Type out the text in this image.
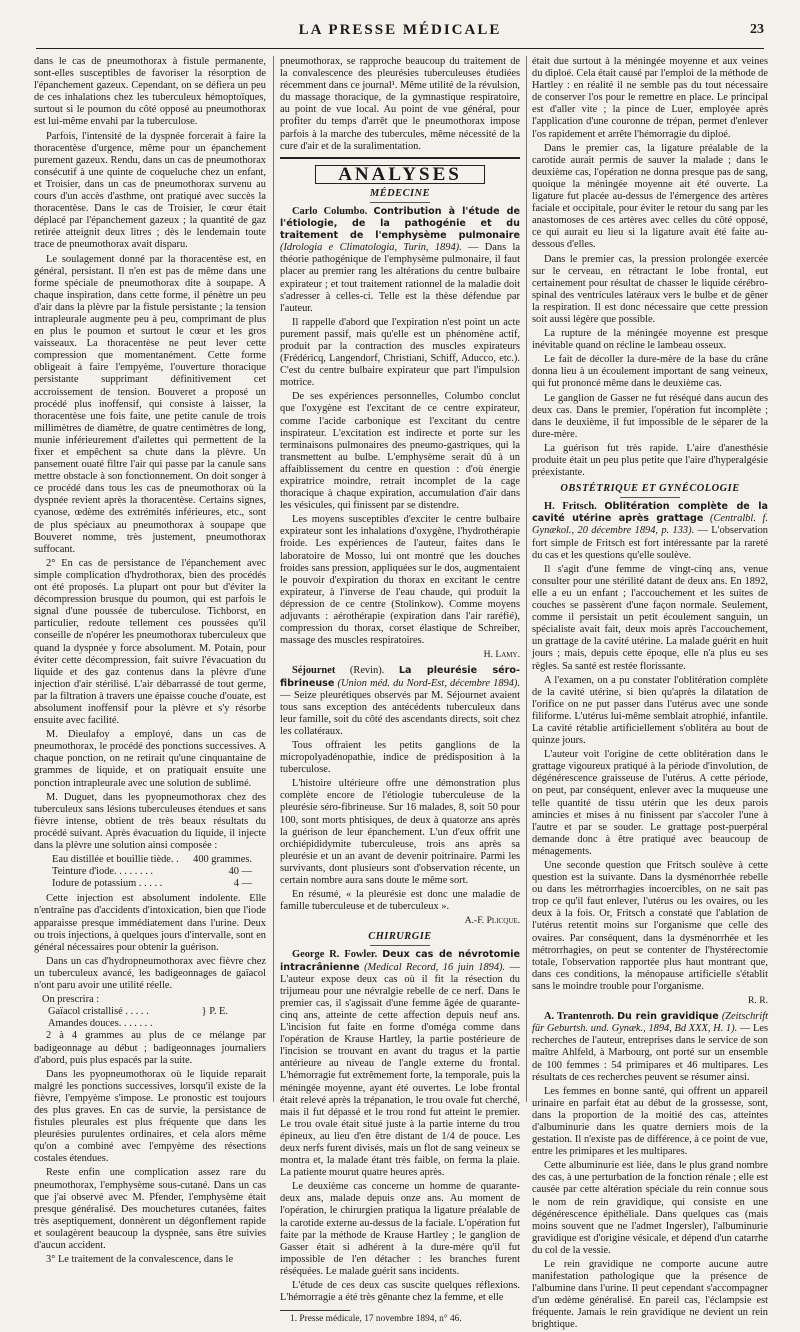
LA PRESSE MÉDICALE	23

dans le cas de pneumothorax à fistule permanente, sont-elles susceptibles de favoriser la résorption de l'épanchement gazeux. Cependant, on se défiera un peu de ces inhalations chez les tuberculeux hémoptoïques, surtout si le poumon du côté opposé au pneumothorax est lui-même envahi par la tuberculose.

Parfois, l'intensité de la dyspnée forcerait à faire la thoracentèse d'urgence, même pour un épanchement purement gazeux. Rendu, dans un cas de pneumothorax consécutif à une quinte de coqueluche chez un enfant, et Troisier, dans un cas de pneumothorax survenu au cours d'un accès d'asthme, ont pratiqué avec succès la thoracentèse. Dans le cas de Troisier, le cœur était déplacé par l'épanchement gazeux ; la quantité de gaz retirée atteignit deux litres ; dès le lendemain toute trace de pneumothorax avait disparu.

Le soulagement donné par la thoracentèse est, en général, persistant. Il n'en est pas de même dans une forme spéciale de pneumothorax dite à soupape. A chaque inspiration, dans cette forme, il pénètre un peu d'air dans la plèvre par la fistule persistante ; la tension intrapleurale augmente peu à peu, comprimant de plus en plus le poumon et surtout le cœur et les gros vaisseaux. La thoracentèse ne peut lever cette compression que momentanément. Cette forme obligeait à faire l'empyème, l'ouverture thoracique persistante supprimant définitivement cet accroissement de tension. Bouveret a proposé un procédé plus inoffensif, qui consiste à laisser, la thoracentèse une fois faite, une petite canule de trois millimètres de diamètre, de quatre centimètres de long, munie inférieurement d'ailettes qui permettent de la fixer et empêchent sa chute dans la plèvre. Un pansement ouaté filtre l'air qui passe par la canule sans mettre obstacle à son fonctionnement. On doit songer à ce procédé dans tous les cas de pneumothorax où la dyspnée revient après la thoracentèse. Certains signes, cyanose, œdème des extrémités inférieures, etc., sont de plus spéciaux au pneumothorax à soupape que Bouveret nomme, très justement, pneumothorax suffocant.

2° En cas de persistance de l'épanchement avec simple complication d'hydrothorax, bien des procédés ont été proposés. La plupart ont pour but d'éviter la décompression brusque du poumon, qui est parfois le signal d'une poussée de tuberculose. Tichborst, en particulier, redoute tellement ces poussées qu'il conseille de n'opérer les pneumothorax tuberculeux que quand la dyspnée y force absolument. M. Potain, pour éviter cette décompression, fait suivre l'évacuation du liquide et des gaz contenus dans la plèvre d'une injection d'air stérilisé. L'air débarrassé de tout germe, par la filtration à travers une épaisse couche d'ouate, est absolument inoffensif pour la plèvre et s'y résorbe ensuite avec facilité.

M. Dieulafoy a employé, dans un cas de pneumothorax, le procédé des ponctions successives. A chaque ponction, on ne retirait qu'une cinquantaine de grammes de liquide, et on pratiquait ensuite une ponction intrapleurale avec une solution de sublimé.

M. Duguet, dans les pyopneumothorax chez des tuberculeux sans lésions tuberculeuses étendues et sans fièvre intense, obtient de très beaux résultats du procédé suivant. Après évacuation du liquide, il injecte dans la plèvre une solution ainsi composée :

Eau distillée et bouillie tiède. . 400 grammes.
Teinture d'iode. . . . . . . .	40 —
Iodure de potassium . . . . .	4 —

Cette injection est absolument indolente. Elle n'entraîne pas d'accidents d'intoxication, bien que l'iode apparaisse presque immédiatement dans l'urine. Deux ou trois injections, à quelques jours d'intervalle, sont en général nécessaires pour obtenir la guérison.

Dans un cas d'hydropneumothorax avec fièvre chez un tuberculeux avancé, les badigeonnages de gaïacol n'ont paru avoir une utilité réelle.

On prescrira :

Gaïacol cristallisé . . . . .	} P. E.
Amandes douces. . . . . . .

2 à 4 grammes au plus de ce mélange par badigeonnage au début ; badigeonnages journaliers d'abord, puis plus espacés par la suite.

Dans les pyopneumothorax où le liquide reparait malgré les ponctions successives, lorsqu'il existe de la fièvre, l'empyème s'impose. Le pronostic est toujours des plus graves. En cas de survie, la persistance de fistules pleurales est plus fréquente que dans les pleurésies purulentes ordinaires, et cela alors même qu'on a combiné avec l'empyème des résections costales étendues.

Reste enfin une complication assez rare du pneumothorax, l'emphysème sous-cutané. Dans un cas que j'ai observé avec M. Pfender, l'emphysème était presque généralisé. Des mouchetures cutanées, faites très aseptiquement, donnèrent un dégonflement rapide et soulagèrent beaucoup la dyspnée, sans être suivies d'aucun accident.

3° Le traitement de la convalescence, dans le

pneumothorax, se rapproche beaucoup du traitement de la convalescence des pleurésies tuberculeuses étudiées récemment dans ce journal¹. Même utilité de la révulsion, du massage thoracique, de la gymnastique respiratoire, au point de vue local. Au point de vue général, pour profiter du temps d'arrêt que le pneumothorax impose parfois à la marche des tubercules, même nécessité de la cure d'air et de la suralimentation.

ANALYSES
MÉDECINE

Carlo Columbo. Contribution à l'étude de l'étiologie, de la pathogénie et du traitement de l'emphysème pulmonaire (Idrologia e Climatologia, Turin, 1894). — Dans la théorie pathogénique de l'emphysème pulmonaire, il faut placer au premier rang les altérations du centre bulbaire expirateur ; et tout traitement rationnel de la maladie doit s'adresser à celles-ci. Telle est la thèse défendue par l'auteur.

Il rappelle d'abord que l'expiration n'est point un acte purement passif, mais qu'elle est un phénomène actif, produit par la contraction des muscles expirateurs (Frédéricq, Langendorf, Christiani, Schiff, Aducco, etc.). C'est du centre bulbaire expirateur que part l'impulsion motrice.

De ses expériences personnelles, Columbo conclut que l'oxygène est l'excitant de ce centre expirateur, comme l'acide carbonique est l'excitant du centre inspirateur. L'excitation est indirecte et porte sur les terminaisons pulmonaires des pneumo-gastriques, qui la transmettent au bulbe. L'emphysème serait dû à un affaiblissement du centre en question : d'où énergie expiratrice moindre, retrait incomplet de la cage thoracique à chaque expiration, accumulation d'air dans les vésicules, qui finissent par se distendre.

Les moyens susceptibles d'exciter le centre bulbaire expirateur sont les inhalations d'oxygène, l'hydrothérapie froide. Les expériences de l'auteur, faites dans le laboratoire de Mosso, lui ont montré que les douches froides sans pression, appliquées sur le dos, augmentaient le pouvoir d'expiration du thorax en excitant le centre expirateur, à l'inverse de l'eau chaude, qui produit la dépression de ce centre (Stolinkow). Comme moyens adjuvants : aérothérapie (expiration dans l'air raréfié), compression du thorax, corset élastique de Schreiber, massage des muscles respiratoires.

H. Lamy.

Séjournet (Revin). La pleurésie séro-fibrineuse (Union méd. du Nord-Est, décembre 1894). — Seize pleurétiques observés par M. Séjournet avaient tous sans exception des antécédents tuberculeux dans leur famille, soit du côté des ascendants directs, soit chez les collatéraux.

Tous offraient les petits ganglions de la micropolyadénopathie, indice de prédisposition à la tuberculose.

L'histoire ultérieure offre une démonstration plus complète encore de l'étiologie tuberculeuse de la pleurésie séro-fibrineuse. Sur 16 malades, 8, soit 50 pour 100, sont morts phtisiques, de deux à quatorze ans après la guérison de leur épanchement. L'un d'eux offrit une orchiépididymite tuberculeuse, trois ans après sa pleurésie et un an avant de devenir poitrinaire. Parmi les survivants, dont plusieurs sont d'observation récente, un certain nombre aura sans doute le même sort.

En résumé, « la pleurésie est donc une maladie de famille tuberculeuse et de tuberculeux ».

A.-F. Plicque.

CHIRURGIE

George R. Fowler. Deux cas de névrotomie intracrânienne (Medical Record, 16 juin 1894). — L'auteur expose deux cas où il fit la résection du trijumeau pour une névralgie rebelle de ce nerf. Dans le premier cas, il s'agissait d'une femme âgée de quarante-cinq ans, atteinte de cette affection depuis neuf ans. L'incision fut faite en forme d'oméga comme dans l'opération de Krause Hartley, la partie postérieure de l'incision se trouvant en avant du tragus et la partie antérieure au niveau de l'angle externe du frontal. L'hémorragie fut extrêmement forte, la temporale, puis la méningée moyenne, ayant été ouvertes. Le lobe frontal était relevé après la trépanation, le trou ovale fut cherché, mais il fut dépassé et le trou rond fut atteint le premier. Le trou ovale était situé juste à la partie interne du trou épineux, au lieu d'en être distant de 1/4 de pouce. Les deux nerfs furent divisés, mais un flot de sang veineux se montra et, la malade étant très faible, on ferma la plaie. La patiente mourut quatre heures après.

Le deuxième cas concerne un homme de quarante-deux ans, malade depuis onze ans. Au moment de l'opération, le chirurgien pratiqua la ligature préalable de la carotide externe au-dessus de la faciale. L'opération fut faite par la méthode de Krause Hartley ; le ganglion de Gasser était si adhérent à la dure-mère qu'il fut impossible de l'en détacher : les branches furent réséquées. Le malade guérit sans incidents.

L'étude de ces deux cas suscite quelques réflexions. L'hémorragie a été très gênante chez la femme, et elle

1. Presse médicale, 17 novembre 1894, n° 46.

était due surtout à la méningée moyenne et aux veines du diploé. Cela était causé par l'emploi de la méthode de Hartley : en réalité il ne semble pas du tout nécessaire de conserver l'os pour le remettre en place. Le principal est d'aller vite ; la pince de Luer, employée après l'application d'une couronne de trépan, permet d'enlever l'os rapidement et arrête l'hémorragie du diploé.

Dans le premier cas, la ligature préalable de la carotide aurait permis de sauver la malade ; dans le deuxième cas, l'opération ne donna presque pas de sang, quoique la méningée moyenne ait été ouverte. La ligature fut placée au-dessus de l'émergence des artères faciale et occipitale, pour éviter le retour du sang par les anastomoses de ces artères avec celles du côté opposé, ce qui aurait eu lieu si la ligature avait été faite au-dessous d'elles.

Dans le premier cas, la pression prolongée exercée sur le cerveau, en rétractant le lobe frontal, eut certainement pour résultat de chasser le liquide cérébro-spinal des ventricules latéraux vers le bulbe et de gêner la respiration. Il est donc nécessaire que cette pression soit aussi légère que possible.

La rupture de la méningée moyenne est presque inévitable quand on récline le lambeau osseux.

Le fait de décoller la dure-mère de la base du crâne donna lieu à un écoulement important de sang veineux, qui fut prononcé même dans le deuxième cas.

Le ganglion de Gasser ne fut réséqué dans aucun des deux cas. Dans le premier, l'opération fut incomplète ; dans le deuxième, il fut impossible de le séparer de la dure-mère.

La guérison fut très rapide. L'aire d'anesthésie produite était un peu plus petite que l'aire d'hyperalgésie préexistante.

OBSTÉTRIQUE ET GYNÉCOLOGIE

H. Fritsch. Oblitération complète de la cavité utérine après grattage (Centralbl. f. Gynækol., 20 décembre 1894, p. 133). — L'observation fort simple de Fritsch est fort intéressante par la rareté du cas et les questions qu'elle soulève.

Il s'agit d'une femme de vingt-cinq ans, venue consulter pour une stérilité datant de deux ans. En 1892, elle a eu un enfant ; l'accouchement et les suites de couches se passèrent d'une façon normale. Seulement, comme il persistait un petit écoulement sanguin, un spécialiste avait fait, deux mois après l'accouchement, un grattage de la cavité utérine. La malade guérit en huit jours ; mais, depuis cette époque, elle n'a plus eu ses règles. Sa santé est restée florissante.

A l'examen, on a pu constater l'oblitération complète de la cavité utérine, si bien qu'après la dilatation de l'orifice on ne put passer dans l'utérus avec une sonde filiforme. L'utérus lui-même semblait atrophié, infantile. La cavité rétablie artificiellement s'oblitéra au bout de quinze jours.

L'auteur voit l'origine de cette oblitération dans le grattage vigoureux pratiqué à la période d'involution, de dégénérescence graisseuse de l'utérus. A cette période, on peut, par conséquent, enlever avec la muqueuse une telle quantité de tissu utérin que les deux parois amincies et mises à nu finissent par s'accoler l'une à l'autre et par se souder. Le grattage post-puerpéral demande donc à être pratiqué avec beaucoup de ménagements.

Une seconde question que Fritsch soulève à cette question est la suivante. Dans la dysménorrhée rebelle ou dans les métrorrhagies incoercibles, on ne sait pas trop ce qu'il faut enlever, l'utérus ou les ovaires, ou les deux à la fois. Or, Fritsch a constaté que l'ablation de l'utérus retentit moins sur l'organisme que celle des ovaires. Par conséquent, dans la dysménorrhée et les métrorrhagies, on peut se contenter de l'hystérectomie totale, l'observation rapportée plus haut montrant que, dans ces conditions, la ménopause artificielle s'établit sans le moindre trouble pour l'organisme.

R. R.

A. Trantenroth. Du rein gravidique (Zeitschrift für Geburtsh. und. Gynæk., 1894, Bd XXX, H. 1). — Les recherches de l'auteur, entreprises dans le service de son maître Ahlfeld, à Marbourg, ont porté sur un ensemble de 100 femmes : 54 primipares et 46 multipares. Les résultats de ces recherches peuvent se résumer ainsi.

Les femmes en bonne santé, qui offrent un appareil urinaire en parfait état au début de la grossesse, sont, dans la proportion de la moitié des cas, atteintes d'albuminurie dans les quatre derniers mois de la gestation. Il n'existe pas de différence, à ce point de vue, entre les primipares et les multipares.

Cette albuminurie est liée, dans le plus grand nombre des cas, à une perturbation de la fonction rénale ; elle est causée par cette altération spéciale du rein connue sous le nom de rein gravidique, qui consiste en une dégénérescence épithéliale. Dans quelques cas (mais moins souvent que ne l'admet Ingersler), l'albuminurie gravidique est d'origine vésicale, et dépend d'un catarrhe du col de la vessie.

Le rein gravidique ne comporte aucune autre manifestation pathologique que la présence de l'albumine dans l'urine. Il peut cependant s'accompagner d'un œdème généralisé. En pareil cas, l'éclampsie est fréquente. Jamais le rein gravidique ne devient un rein brightique.
